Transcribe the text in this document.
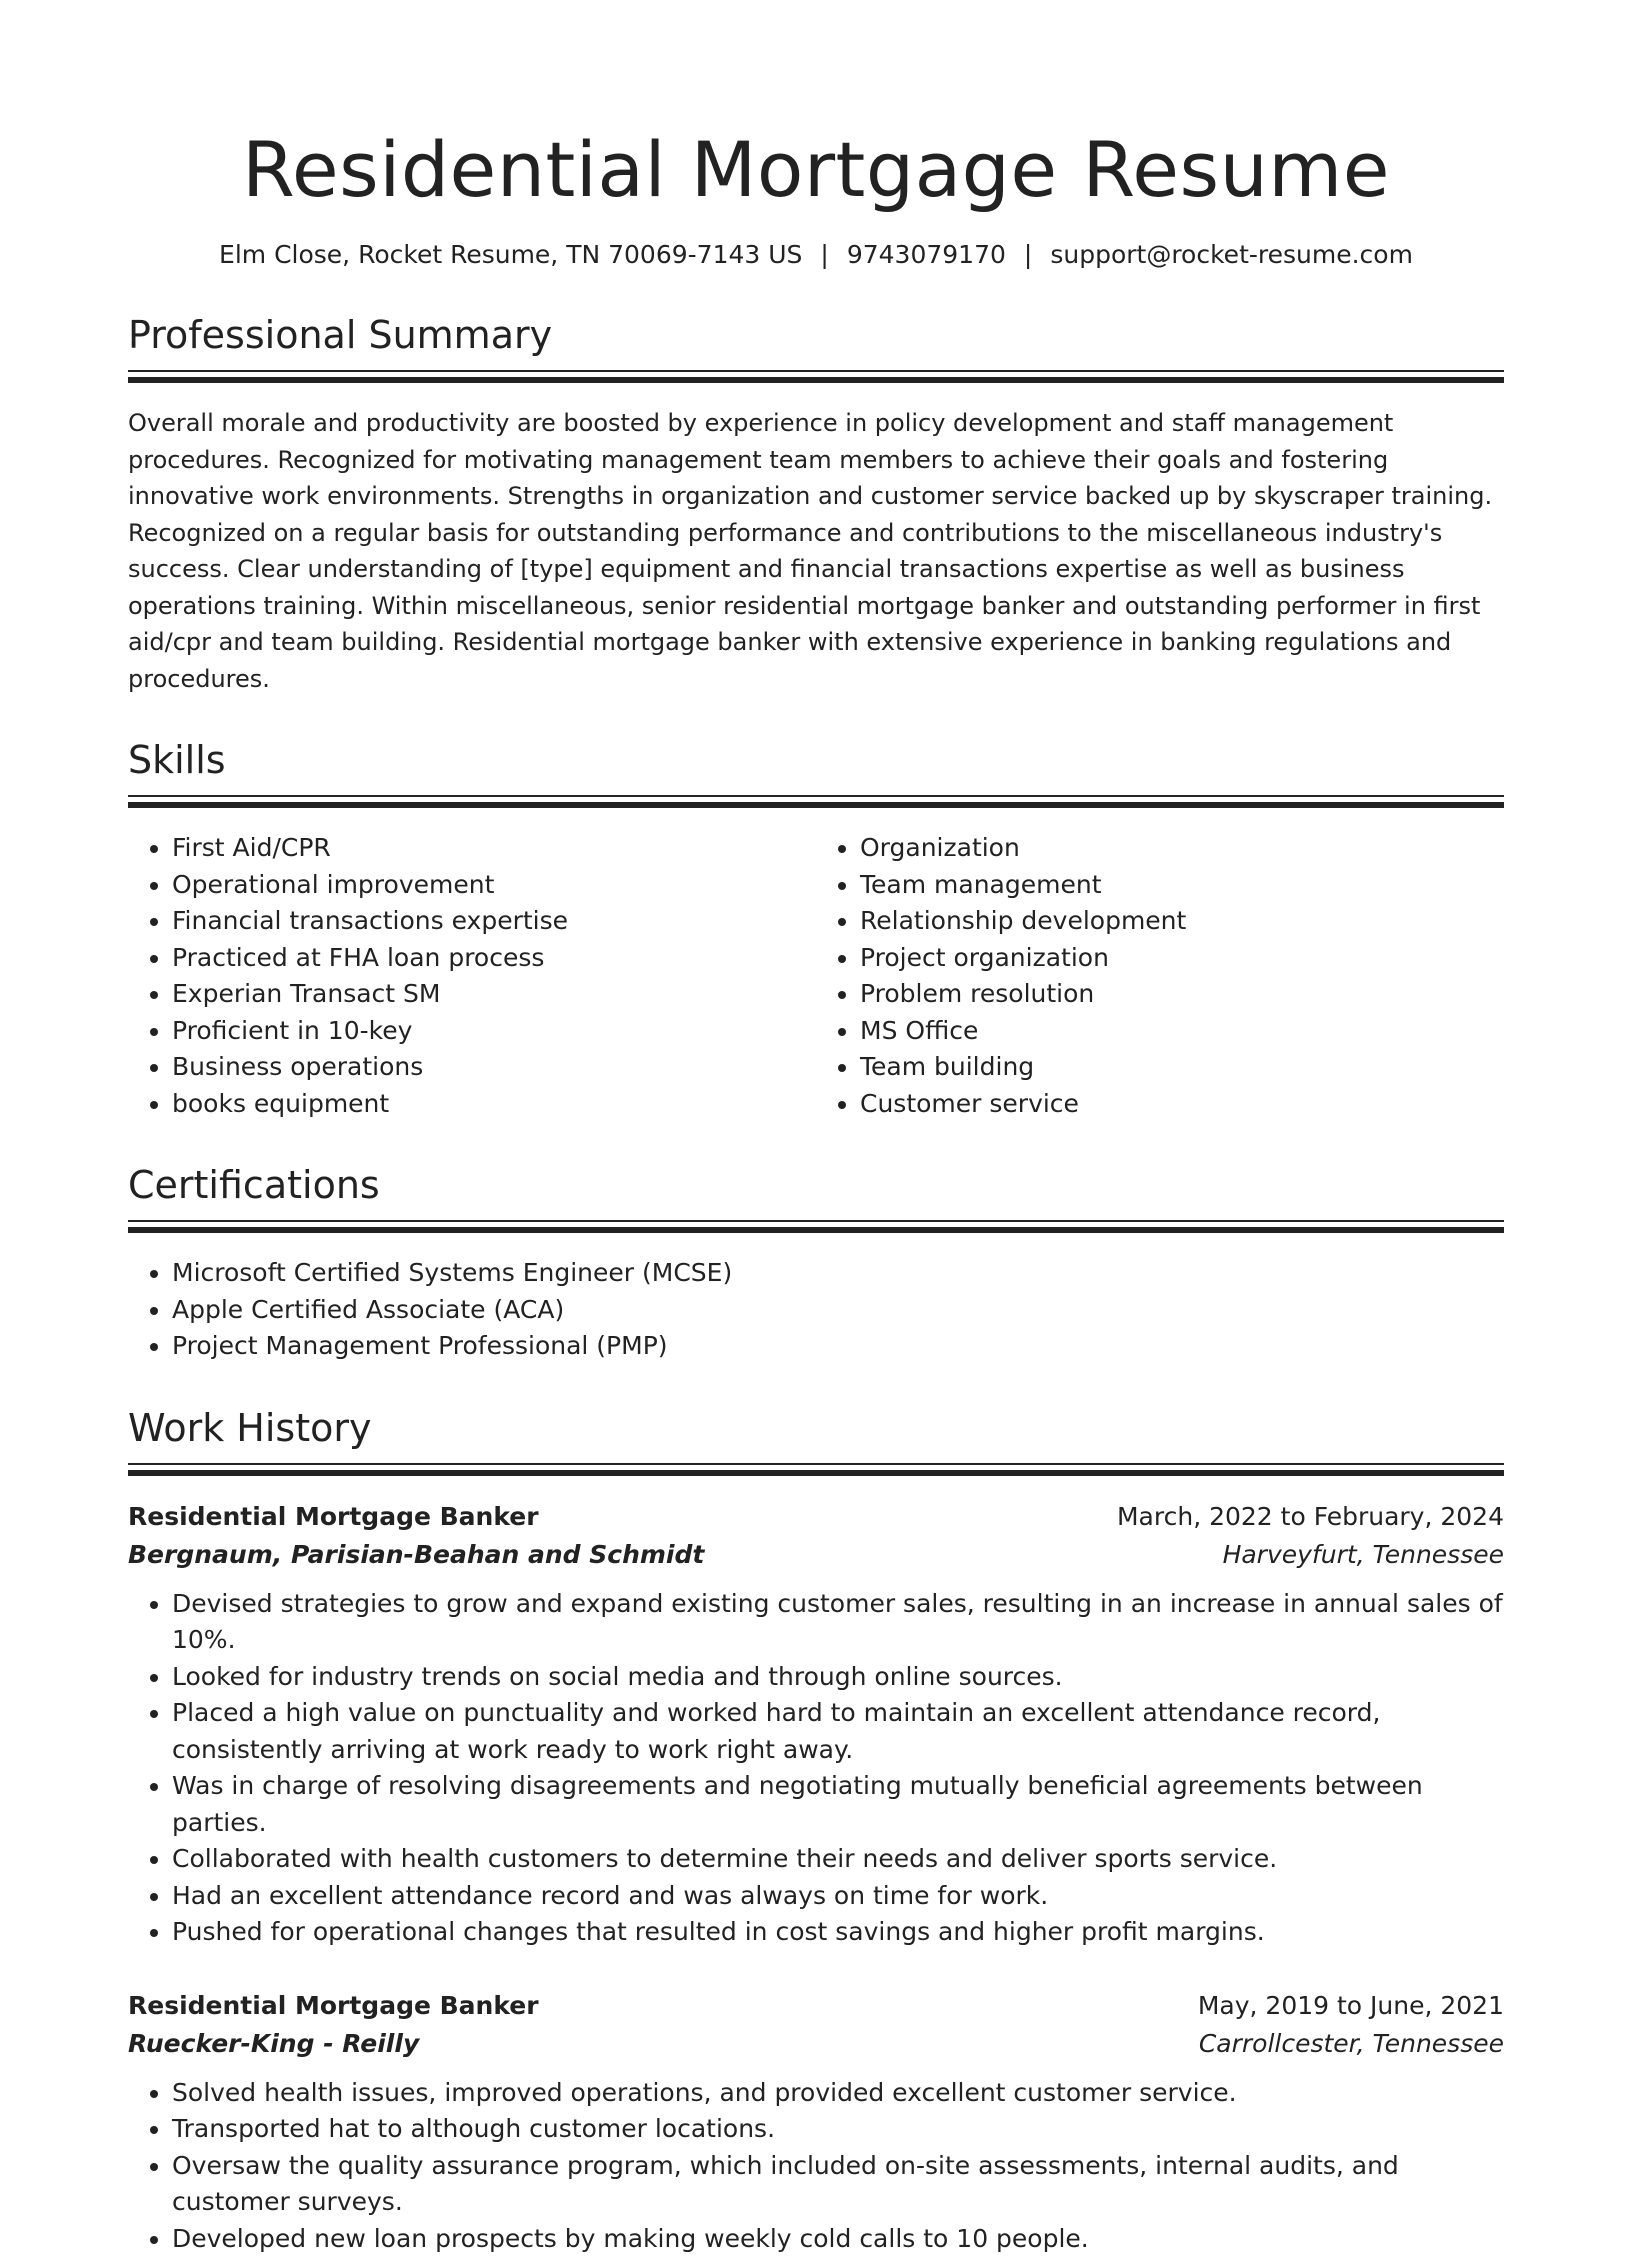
Residential Mortgage Resume
Elm Close, Rocket Resume, TN 70069-7143 US | 9743079170 | support@rocket-resume.com
Professional Summary

Overall morale and productivity are boosted by experience in policy development and staff management procedures. Recognized for motivating management team members to achieve their goals and fostering innovative work environments. Strengths in organization and customer service backed up by skyscraper training. Recognized on a regular basis for outstanding performance and contributions to the miscellaneous industry's success. Clear understanding of [type] equipment and financial transactions expertise as well as business operations training. Within miscellaneous, senior residential mortgage banker and outstanding performer in first aid/cpr and team building. Residential mortgage banker with extensive experience in banking regulations and procedures.

Skills
• First Aid/CPR
• Operational improvement
• Financial transactions expertise
• Practiced at FHA loan process
• Experian Transact SM
• Proficient in 10-key
• Business operations
• books equipment
• Organization
• Team management
• Relationship development
• Project organization
• Problem resolution
• MS Office
• Team building
• Customer service
Certifications
• Microsoft Certified Systems Engineer (MCSE)
• Apple Certified Associate (ACA)
• Project Management Professional (PMP)
Work History
Residential Mortgage Banker	March, 2022 to February, 2024
Bergnaum, Parisian-Beahan and Schmidt	Harveyfurt, Tennessee
• Devised strategies to grow and expand existing customer sales, resulting in an increase in annual sales of 10%.
• Looked for industry trends on social media and through online sources.
• Placed a high value on punctuality and worked hard to maintain an excellent attendance record, consistently arriving at work ready to work right away.
• Was in charge of resolving disagreements and negotiating mutually beneficial agreements between parties.
• Collaborated with health customers to determine their needs and deliver sports service.
• Had an excellent attendance record and was always on time for work.
• Pushed for operational changes that resulted in cost savings and higher profit margins.
Residential Mortgage Banker	May, 2019 to June, 2021
Ruecker-King - Reilly	Carrollcester, Tennessee
• Solved health issues, improved operations, and provided excellent customer service.
• Transported hat to although customer locations.
• Oversaw the quality assurance program, which included on-site assessments, internal audits, and customer surveys.
• Developed new loan prospects by making weekly cold calls to 10 people.
